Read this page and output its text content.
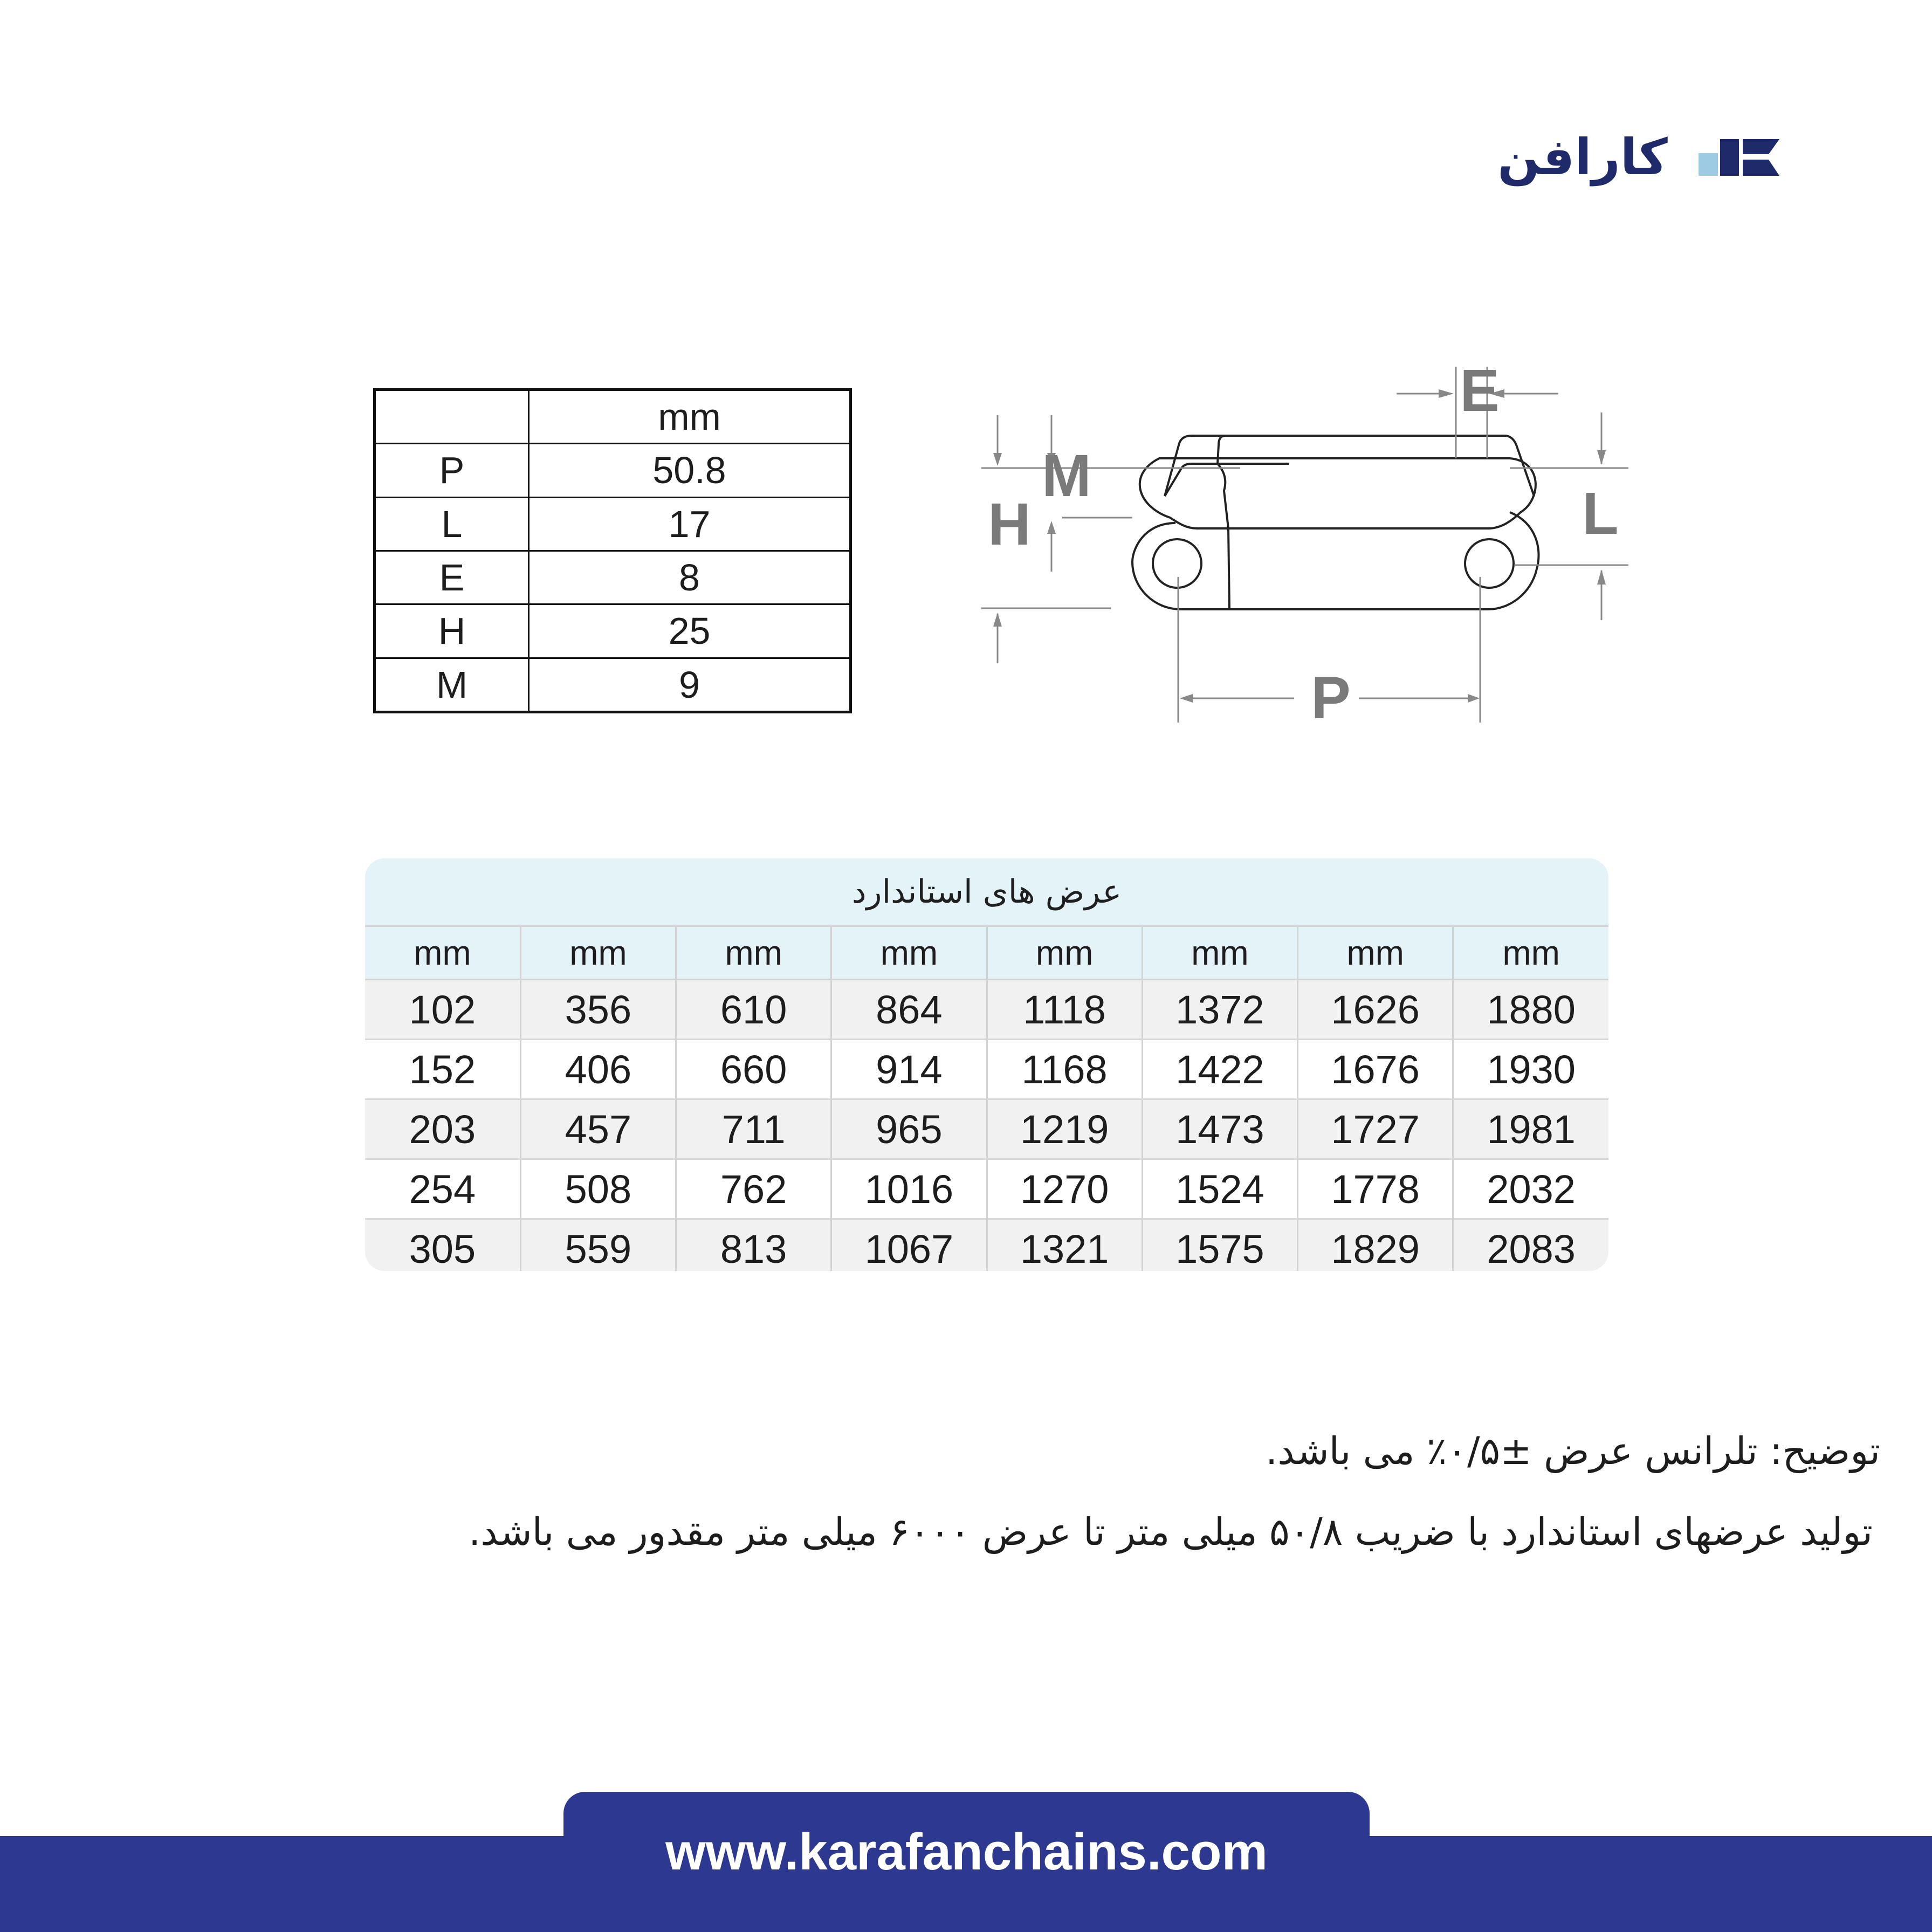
کارافن
	mm
P	50.8
L	17
E	8
H	25
M	9
E
M
H	L
P
عرض های استاندارد
mm	mm	mm	mm	mm	mm	mm	mm
102	356	610	864	1118	1372	1626	1880
152	406	660	914	1168	1422	1676	1930
203	457	711	965	1219	1473	1727	1981
254	508	762	1016	1270	1524	1778	2032
305	559	813	1067	1321	1575	1829	2083
توضیح: تلرانس عرض ±۰/۵٪ می باشد.
تولید عرضهای استاندارد با ضریب ۵۰/۸ میلی متر تا عرض ۶۰۰۰ میلی متر مقدور می باشد.
www.karafanchains.com
